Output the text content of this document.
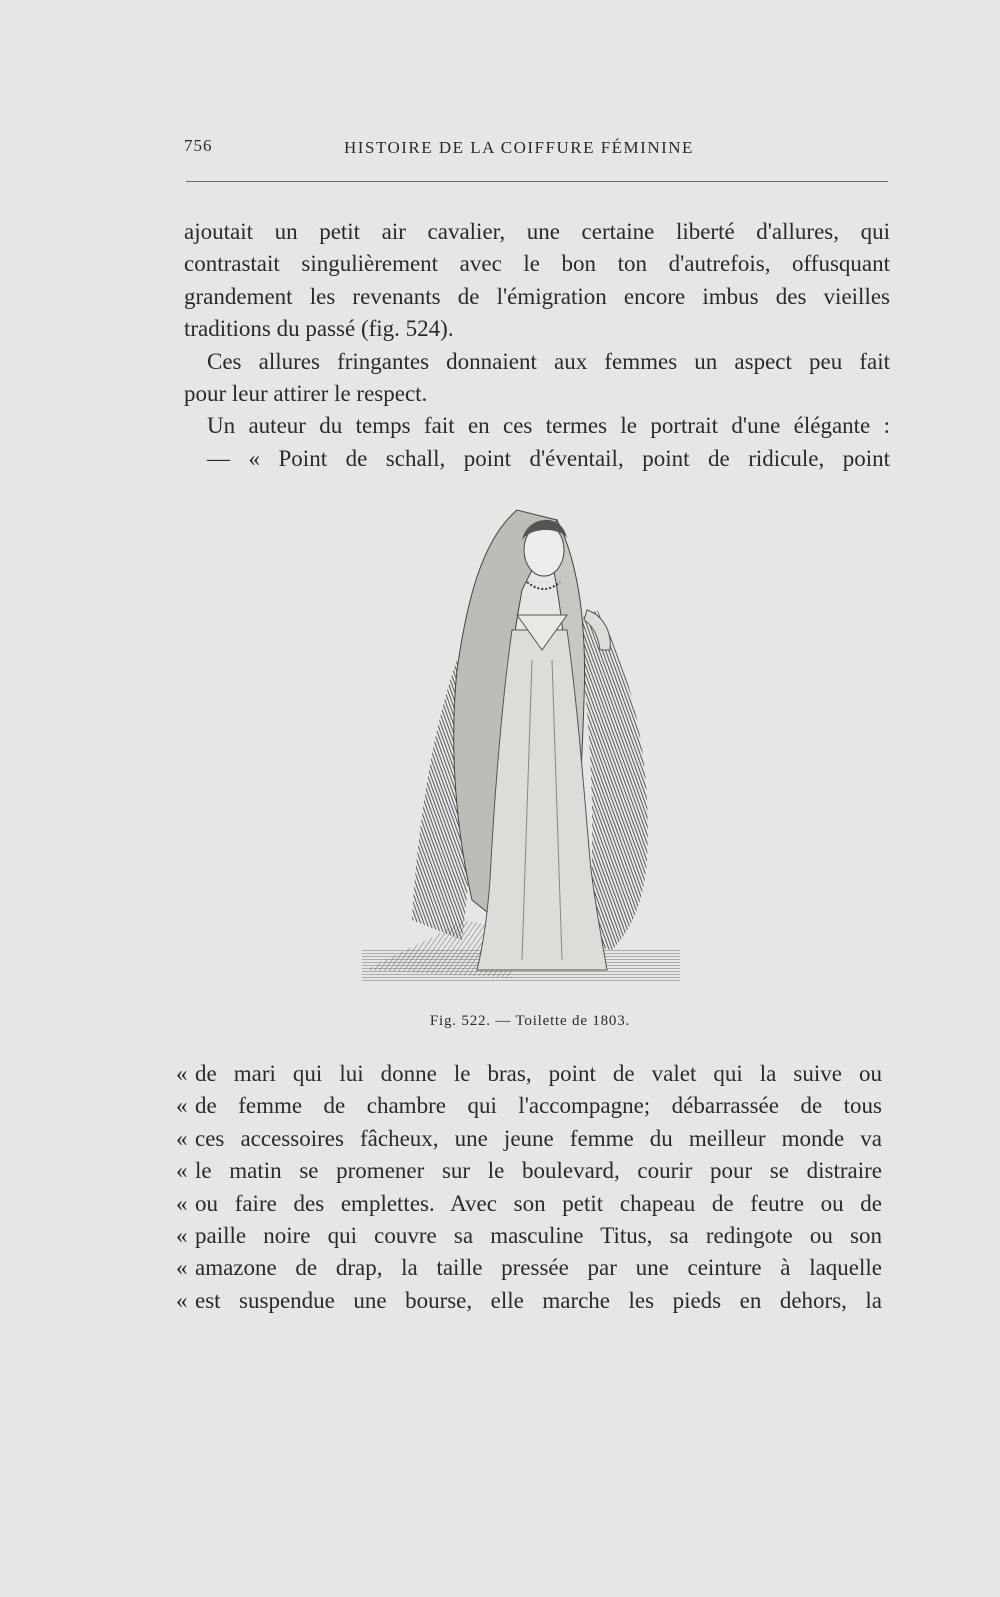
756	HISTOIRE DE LA COIFFURE FÉMININE
ajoutait un petit air cavalier, une certaine liberté d'allures, qui
contrastait singulièrement avec le bon ton d'autrefois, offusquant
grandement les revenants de l'émigration encore imbus des vieilles
traditions du passé (fig. 524).
Ces allures fringantes donnaient aux femmes un aspect peu fait
pour leur attirer le respect.
Un auteur du temps fait en ces termes le portrait d'une élégante :
— « Point de schall, point d'éventail, point de ridicule, point
Fig. 522. — Toilette de 1803.
« de mari qui lui donne le bras, point de valet qui la suive ou
« de femme de chambre qui l'accompagne; débarrassée de tous
« ces accessoires fâcheux, une jeune femme du meilleur monde va
« le matin se promener sur le boulevard, courir pour se distraire
« ou faire des emplettes. Avec son petit chapeau de feutre ou de
« paille noire qui couvre sa masculine Titus, sa redingote ou son
« amazone de drap, la taille pressée par une ceinture à laquelle
« est suspendue une bourse, elle marche les pieds en dehors, la
